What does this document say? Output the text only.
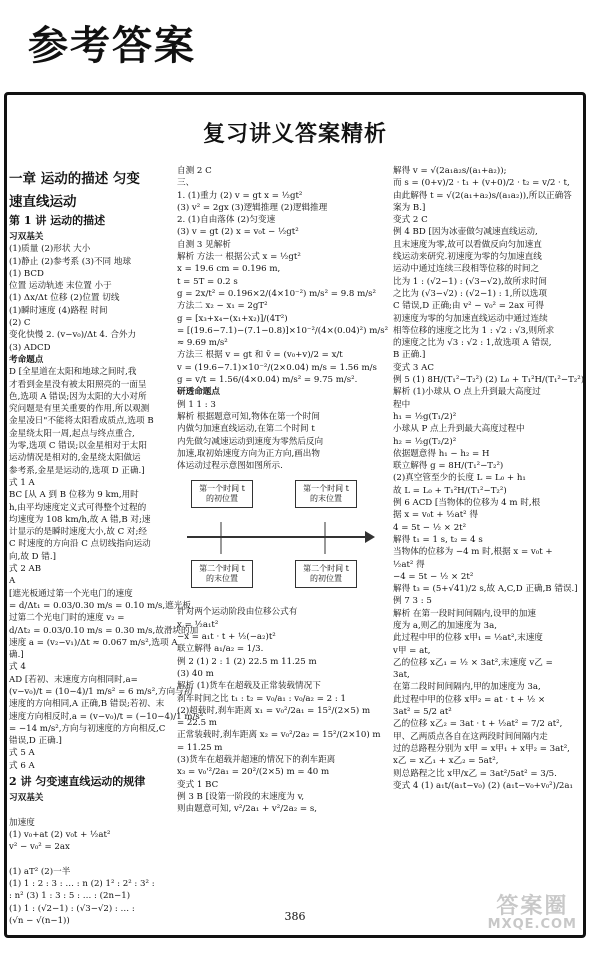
参考答案
复习讲义答案精析
一章 运动的描述 匀变
速直线运动
第 1 讲 运动的描述
习双基关
(1)质量 (2)形状 大小
(1)静止 (2)参考系 (3)不同 地球
(1) BCD
位置 运动轨迹 末位置 小于
(1) Δx/Δt 位移 (2)位置 切线
(1)瞬时速度 (4)路程 时间
(2) C
变化快慢 2. (v−v₀)/Δt 4. 合外力
(3) ADCD
考命题点
D [全星道在太阳和地球之间时,我
才看到金星没有被太阳照亮的一面呈
色,选项 A 错误;因为太阳的大小对所
究问题是有里关重要的作用,所以观测
金星凌日"不能将太阳看成质点,选项 B
金星绕太阳一周,起点与终点重合,
为零,选项 C 错误;以金星相对于太阳
运动情况是相对的,金星绕太阳做运
参考系,金星是运动的,选项 D 正确.]
式 1 A
BC [从 A 到 B 位移为 9 km,用时
h,由平均速度定义式可得整个过程的
均速度为 108 km/h,故 A 错,B 对;速
计显示的是瞬时速度大小,故 C 对;经
C 时速度的方向沿 C 点切线指向运动
向,故 D 错.]
式 2 AB
A
[遮光板通过第一个光电门的速度
= d/Δt₁ = 0.03/0.30 m/s = 0.10 m/s,遮光板
过第二个光电门时的速度 v₂ =
d/Δt₂ = 0.03/0.10 m/s = 0.30 m/s,故滑块的加
速度 a = (v₂−v₁)/Δt ≈ 0.067 m/s²,选项 A
确.]
式 4
AD [若初、末速度方向相同时,a=
(v−v₀)/t = (10−4)/1 m/s² = 6 m/s²,方向与初
速度的方向相同,A 正确,B 错误;若初、末
速度方向相反时,a = (v−v₀)/t = (−10−4)/1 m/s²
= −14 m/s²,方向与初速度的方向相反,C
错误,D 正确.]
式 5 A
式 6 A
2 讲 匀变速直线运动的规律
习双基关

加速度
(1) v₀+at (2) v₀t + ½at²
v² − v₀² = 2ax

(1) aT² (2)一半
(1) 1 : 2 : 3 : … : n (2) 1² : 2² : 3² :
: n² (3) 1 : 3 : 5 : … : (2n−1)
(1) 1 : (√2−1) : (√3−√2) : … :
(√n − √(n−1))
自测 2 C
三、
1. (1)重力 (2) v = gt x = ½gt²
(3) v² = 2gx (3)逻辑推理 (2)逻辑推理
2. (1)自由落体 (2)匀变速
(3) v = gt (2) x = v₀t − ½gt²
自测 3 见解析
解析 方法一 根据公式 x = ½gt²
x = 19.6 cm = 0.196 m,
t = 5T = 0.2 s
g = 2x/t² = 0.196×2/(4×10⁻²) m/s² = 9.8 m/s²
方法二 x₂ − x₁ = 2gT²
g = [x₃+x₄−(x₁+x₂)]/(4T²)
= [(19.6−7.1)−(7.1−0.8)]×10⁻²/(4×(0.04)²) m/s²
≈ 9.69 m/s²
方法三 根据 v = gt 和 v̄ = (v₀+v)/2 = x/t
v = (19.6−7.1)×10⁻²/(2×0.04) m/s = 1.56 m/s
g = v/t = 1.56/(4×0.04) m/s² = 9.75 m/s².
研透命题点
例 1 1 : 3
解析 根据题意可知,物体在第一个时间
内做匀加速直线运动,在第二个时间 t
内先做匀减速运动到速度为零然后反向
加速,取初始速度方向为正方向,画出物
体运动过程示意图如图所示.
第一个时间 t 的初位置
第一个时间 t 的末位置
第二个时间 t 的末位置
第二个时间 t 的初位置
针对两个运动阶段由位移公式有
x = ½a₁t²
−x = a₁t · t + ½(−a₂)t²
联立解得 a₁/a₂ = 1/3.
例 2 (1) 2 : 1 (2) 22.5 m 11.25 m
(3) 40 m
解析 (1)货车在超载及正常装载情况下
刹车时间之比 t₁ : t₂ = v₀/a₁ : v₀/a₂ = 2 : 1
(2)超载时,刹车距离 x₁ = v₀²/2a₁ = 15²/(2×5) m
= 22.5 m
正常装载时,刹车距离 x₂ = v₀²/2a₂ = 15²/(2×10) m
= 11.25 m
(3)货车在超载并超速的情况下的刹车距离
x₃ = v₀'²/2a₁ = 20²/(2×5) m = 40 m
变式 1 BC
例 3 B [设第一阶段的末速度为 v,
则由题意可知, v²/2a₁ + v²/2a₂ = s,
解得 v = √(2a₁a₂s/(a₁+a₂));
而 s = (0+v)/2 · t₁ + (v+0)/2 · t₂ = v/2 · t,
由此解得 t = √(2(a₁+a₂)s/(a₁a₂)),所以正确答
案为 B.]
变式 2 C
例 4 BD [因为冰壶做匀减速直线运动,
且末速度为零,故可以看做反向匀加速直
线运动来研究.初速度为零的匀加速直线
运动中通过连续三段相等位移的时间之
比为 1 : (√2−1) : (√3−√2),故所求时间
之比为 (√3−√2) : (√2−1) : 1,所以选项
C 错误,D 正确;由 v² − v₀² = 2ax 可得
初速度为零的匀加速直线运动中通过连续
相等位移的速度之比为 1 : √2 : √3,则所求
的速度之比为 √3 : √2 : 1,故选项 A 错误,
B 正确.]
变式 3 AC
例 5 (1) 8H/(T₁²−T₂²) (2) L₀ + T₁²H/(T₁²−T₂²)
解析 (1)小球从 O 点上升到最大高度过
程中
h₁ = ½g(T₁/2)²
小球从 P 点上升到最大高度过程中
h₂ = ½g(T₂/2)²
依据题意得 h₁ − h₂ = H
联立解得 g = 8H/(T₁²−T₂²)
(2)真空管至少的长度 L = L₀ + h₁
故 L = L₀ + T₁²H/(T₁²−T₂²)
例 6 ACD [当物体的位移为 4 m 时,根
据 x = v₀t + ½at² 得
4 = 5t − ½ × 2t²
解得 t₁ = 1 s, t₂ = 4 s
当物体的位移为 −4 m 时,根据 x = v₀t +
½at² 得
−4 = 5t − ½ × 2t²
解得 t₃ = (5+√41)/2 s,故 A,C,D 正确,B 错误.]
例 7 3 : 5
解析 在第一段时间间隔内,设甲的加速
度为 a,则乙的加速度为 3a,
此过程中甲的位移 x甲₁ = ½at²,末速度
v甲 = at,
乙的位移 x乙₁ = ½ × 3at²,末速度 v乙 =
3at,
在第二段时间间隔内,甲的加速度为 3a,
此过程中甲的位移 x甲₂ = at · t + ½ ×
3at² = 5/2 at²
乙的位移 x乙₂ = 3at · t + ½at² = 7/2 at²,
甲、乙两质点各自在这两段时间间隔内走
过的总路程分别为 x甲 = x甲₁ + x甲₂ = 3at²,
x乙 = x乙₁ + x乙₂ = 5at²,
则总路程之比 x甲/x乙 = 3at²/5at² = 3/5.
变式 4 (1) a₁t/(a₁t−v₀) (2) (a₁t−v₀+v₀²)/2a₁
386	答案圈
MXQE.COM
